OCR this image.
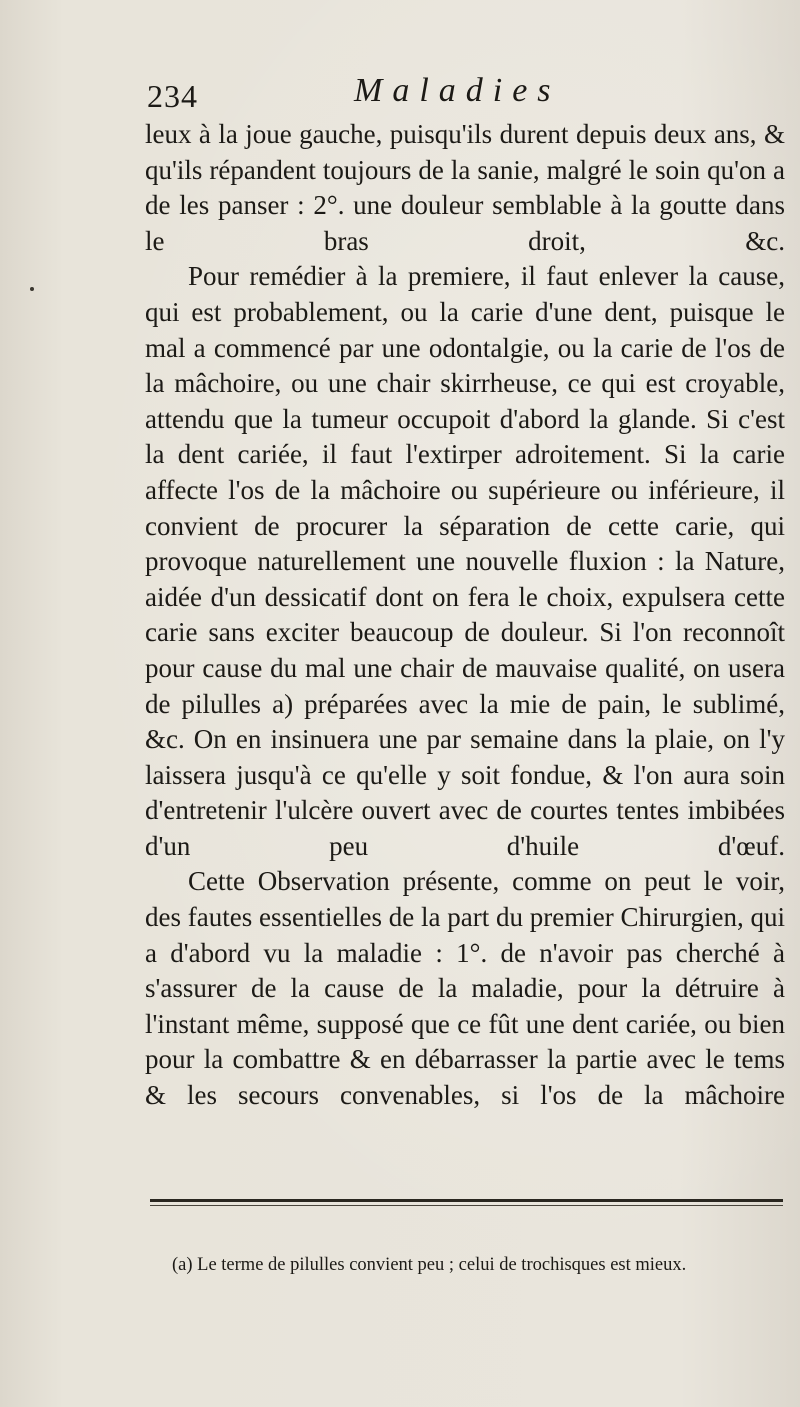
234	Maladies

leux à la joue gauche, puisqu'ils durent depuis deux ans, & qu'ils répandent toujours de la sanie, malgré le soin qu'on a de les panser : 2°. une douleur semblable à la goutte dans le bras droit, &c.

Pour remédier à la premiere, il faut enlever la cause, qui est probablement, ou la carie d'une dent, puisque le mal a commencé par une odontalgie, ou la carie de l'os de la mâchoire, ou une chair skirrheuse, ce qui est croyable, attendu que la tumeur occupoit d'abord la glande. Si c'est la dent cariée, il faut l'extirper adroitement. Si la carie affecte l'os de la mâchoire ou supérieure ou inférieure, il convient de procurer la séparation de cette carie, qui provoque naturellement une nouvelle fluxion : la Nature, aidée d'un dessicatif dont on fera le choix, expulsera cette carie sans exciter beaucoup de douleur. Si l'on reconnoît pour cause du mal une chair de mauvaise qualité, on usera de pilulles a) préparées avec la mie de pain, le sublimé, &c. On en insinuera une par semaine dans la plaie, on l'y laissera jusqu'à ce qu'elle y soit fondue, & l'on aura soin d'entretenir l'ulcère ouvert avec de courtes tentes imbibées d'un peu d'huile d'œuf.

Cette Observation présente, comme on peut le voir, des fautes essentielles de la part du premier Chirurgien, qui a d'abord vu la maladie : 1°. de n'avoir pas cherché à s'assurer de la cause de la maladie, pour la détruire à l'instant même, supposé que ce fût une dent cariée, ou bien pour la combattre & en débarrasser la partie avec le tems & les secours convenables, si l'os de la mâchoire

(a) Le terme de pilulles convient peu ; celui de trochisques est mieux.
